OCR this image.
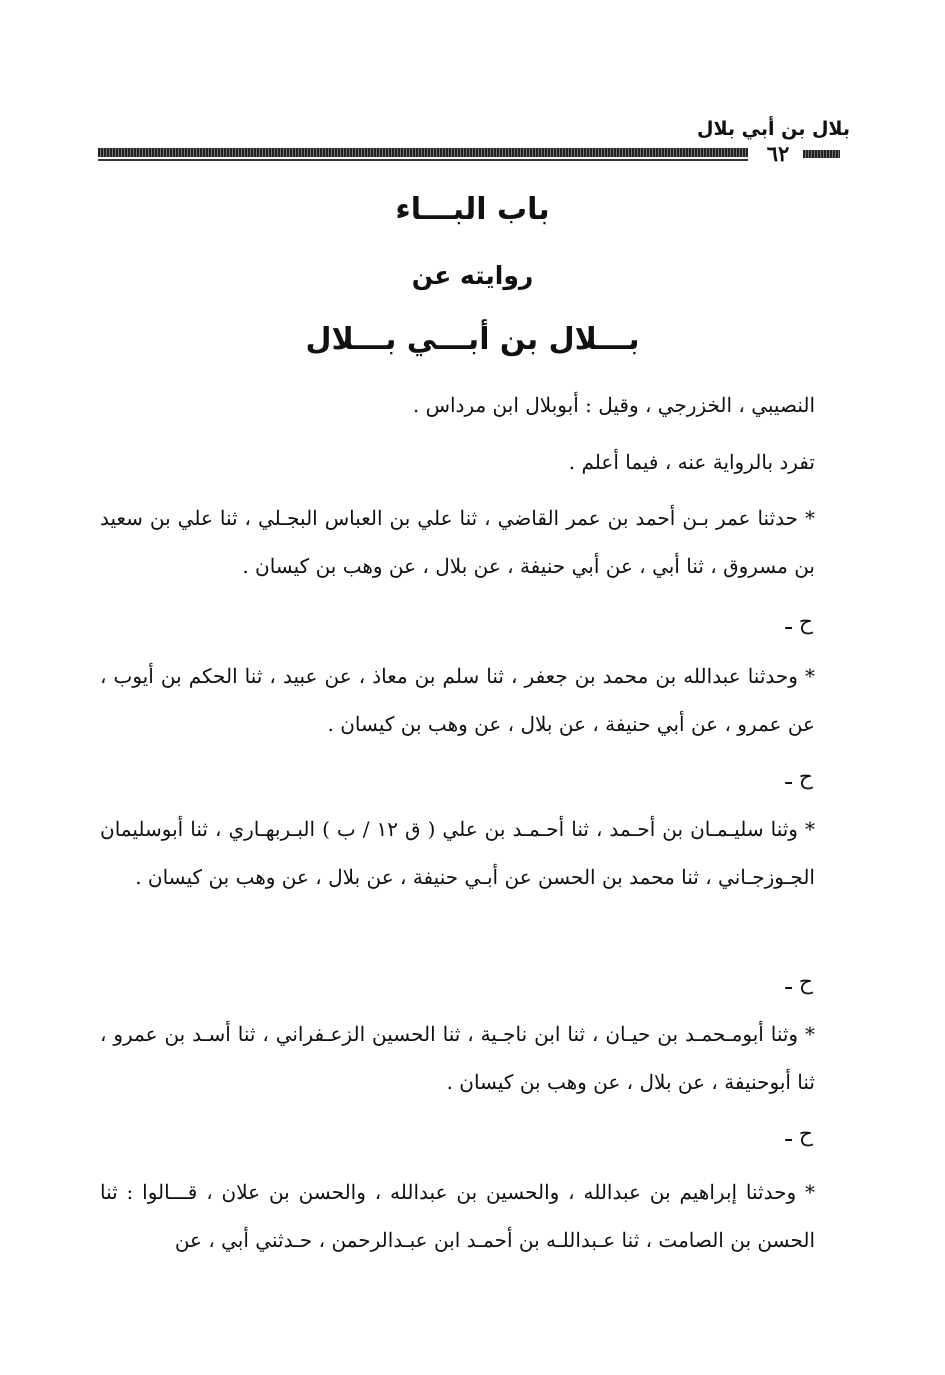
بلال بن أبي بلال
٦٢
باب البـــاء
روايته عن
بـــلال بن أبـــي بـــلال
النصيبي ، الخزرجي ، وقيل : أبوبلال ابن مرداس .
تفرد بالرواية عنه ، فيما أعلم .
* حدثنا عمر بـن أحمد بن عمر القاضي ، ثنا علي بن العباس البجـلي ، ثنا علي بن سعيد بن مسروق ، ثنا أبي ، عن أبي حنيفة ، عن بلال ، عن وهب بن كيسان .
ح ـ
* وحدثنا عبدالله بن محمد بن جعفر ، ثنا سلم بن معاذ ، عن عبيد ، ثنا الحكم بن أيوب ، عن عمرو ، عن أبي حنيفة ، عن بلال ، عن وهب بن كيسان .
ح ـ
* وثنا سليـمـان بن أحـمد ، ثنا أحـمـد بن علي ( ق ١٢ / ب ) البـربهـاري ، ثنا أبوسليمان الجـوزجـاني ، ثنا محمد بن الحسن عن أبـي حنيفة ، عن بلال ، عن وهب بن كيسان .
ح ـ
* وثنا أبومـحمـد بن حيـان ، ثنا ابن ناجـية ، ثنا الحسين الزعـفراني ، ثنا أسـد بن عمرو ، ثنا أبوحنيفة ، عن بلال ، عن وهب بن كيسان .
ح ـ
* وحدثنا إبراهيم بن عبدالله ، والحسين بن عبدالله ، والحسن بن علان ، قـــالوا : ثنا الحسن بن الصامت ، ثنا عـبداللـه بن أحمـد ابن عبـدالرحمن ، حـدثني أبي ، عن
